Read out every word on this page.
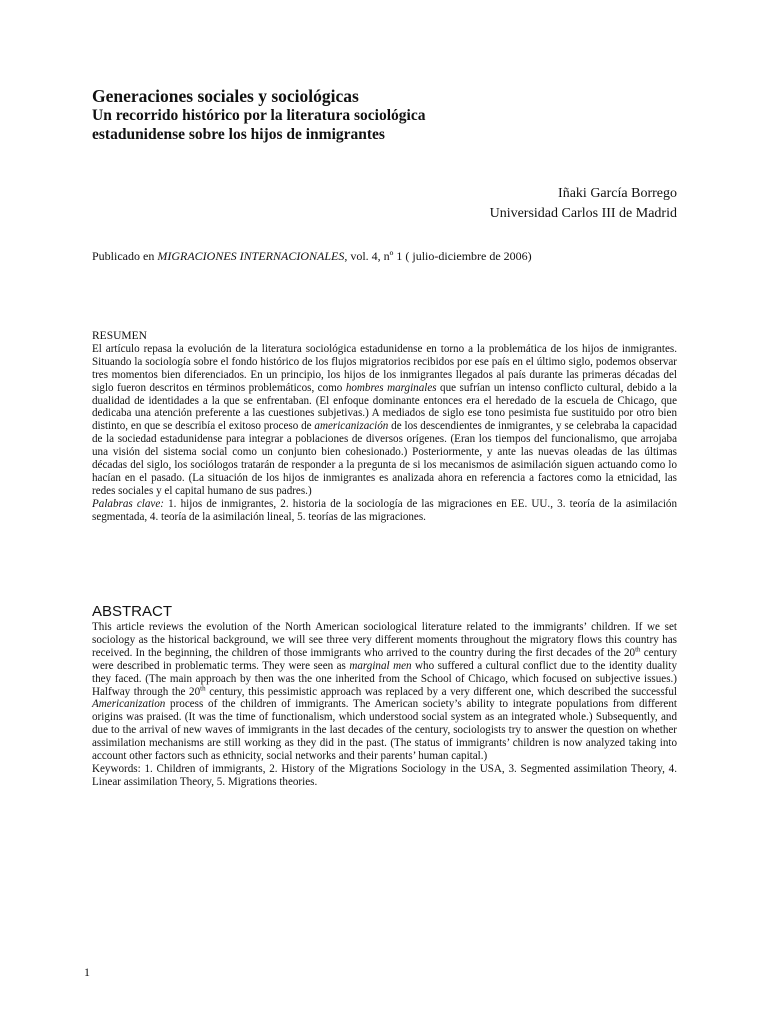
Generaciones sociales y sociológicas
Un recorrido histórico por la literatura sociológica
estadunidense sobre los hijos de inmigrantes
Iñaki García Borrego
Universidad Carlos III de Madrid
Publicado en MIGRACIONES INTERNACIONALES, vol. 4, nº 1 ( julio-diciembre de 2006)
RESUMEN

El artículo repasa la evolución de la literatura sociológica estadunidense en torno a la problemática de los hijos de inmigrantes. Situando la sociología sobre el fondo histórico de los flujos migratorios recibidos por ese país en el último siglo, podemos observar tres momentos bien diferenciados. En un principio, los hijos de los inmigrantes llegados al país durante las primeras décadas del siglo fueron descritos en términos problemáticos, como hombres marginales que sufrían un intenso conflicto cultural, debido a la dualidad de identidades a la que se enfrentaban. (El enfoque dominante entonces era el heredado de la escuela de Chicago, que dedicaba una atención preferente a las cuestiones subjetivas.) A mediados de siglo ese tono pesimista fue sustituido por otro bien distinto, en que se describía el exitoso proceso de americanización de los descendientes de inmigrantes, y se celebraba la capacidad de la sociedad estadunidense para integrar a poblaciones de diversos orígenes. (Eran los tiempos del funcionalismo, que arrojaba una visión del sistema social como un conjunto bien cohesionado.) Posteriormente, y ante las nuevas oleadas de las últimas décadas del siglo, los sociólogos tratarán de responder a la pregunta de si los mecanismos de asimilación siguen actuando como lo hacían en el pasado. (La situación de los hijos de inmigrantes es analizada ahora en referencia a factores como la etnicidad, las redes sociales y el capital humano de sus padres.)

Palabras clave: 1. hijos de inmigrantes, 2. historia de la sociología de las migraciones en EE. UU., 3. teoría de la asimilación segmentada, 4. teoría de la asimilación lineal, 5. teorías de las migraciones.

ABSTRACT

This article reviews the evolution of the North American sociological literature related to the immigrants’ children. If we set sociology as the historical background, we will see three very different moments throughout the migratory flows this country has received. In the beginning, the children of those immigrants who arrived to the country during the first decades of the 20th century were described in problematic terms. They were seen as marginal men who suffered a cultural conflict due to the identity duality they faced. (The main approach by then was the one inherited from the School of Chicago, which focused on subjective issues.) Halfway through the 20th century, this pessimistic approach was replaced by a very different one, which described the successful Americanization process of the children of immigrants. The American society’s ability to integrate populations from different origins was praised. (It was the time of functionalism, which understood social system as an integrated whole.) Subsequently, and due to the arrival of new waves of immigrants in the last decades of the century, sociologists try to answer the question on whether assimilation mechanisms are still working as they did in the past. (The status of immigrants’ children is now analyzed taking into account other factors such as ethnicity, social networks and their parents’ human capital.)

Keywords: 1. Children of immigrants, 2. History of the Migrations Sociology in the USA, 3. Segmented assimilation Theory, 4. Linear assimilation Theory, 5. Migrations theories.

1
